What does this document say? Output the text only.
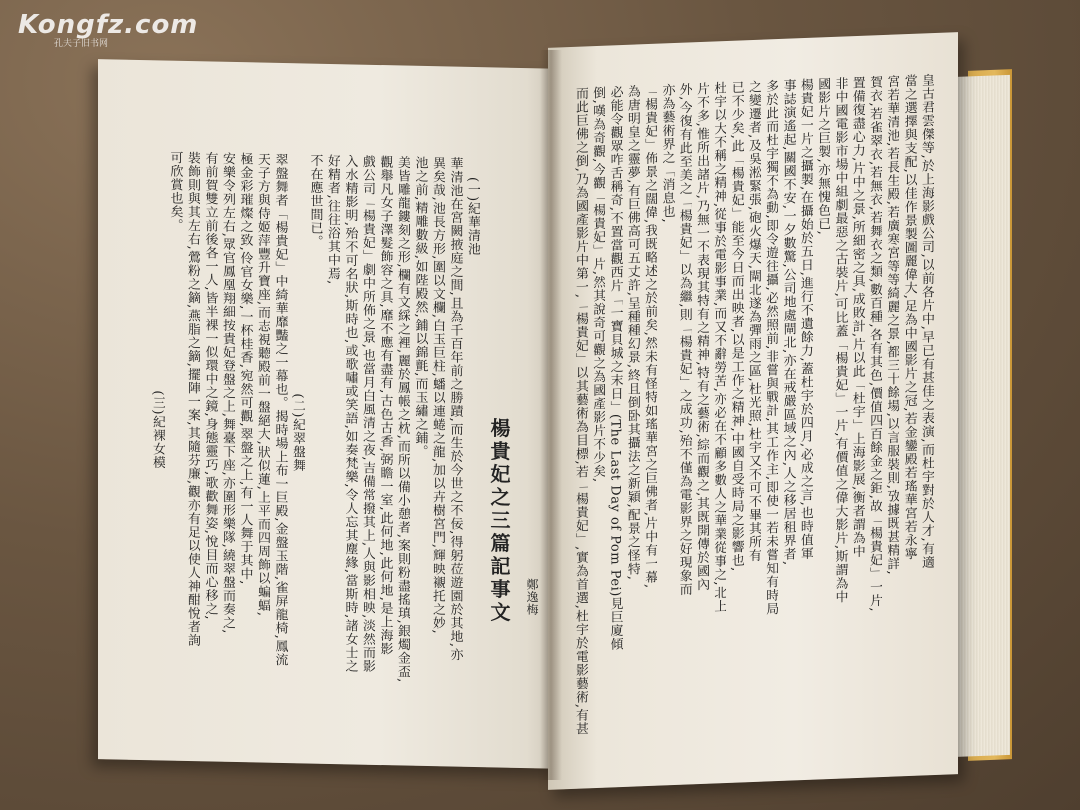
Kongfz.com
孔夫子旧书网
鄭逸梅
楊貴妃之三篇記事文
(一)紀華清池
華清池在宮闕掖庭之間,且為千百年前之勝蹟,而生於今世之不佞,得躬莅遊園於其地,亦
異矣哉,池長方形,圍以文欄,白玉巨柱,蟠以連蜷之龍,加以卉樹宮門,輝映襯托之妙,
池之前,精雕數級,如陛殿然,鋪以錦氈,而玉繡之鋪。
美皆雕龍鏤刻之形,欄有文綵之裡,麗於鳳帳之枕,而所以備小憩者,案則粉盡搖瑱,銀燭金盃,
觀舉凡女子澤髮飾容之具,靡不應有盡有,古色古香,弼瞻一室,此何地,此何地,是上海影
戲公司「楊貴妃」劇中所佈之景,也當月白風清之夜,吉備常撥其上,人與影相映,淡然而影
入水精影明,殆不可名狀,斯時也,或歌嘯或笑語,如奏梵樂,令人忘其塵緣,當斯時,諸女士之
好精者,往往浴其中焉,
不在應世間已。
(二)紀翠盤舞
翠盤舞者「楊貴妃」中綺華靡豔之一幕也。揭時場上布一巨殿,金盤玉階,雀屏龍椅,鳳流
天子方與侍姬萍豐升寶座,而志視聽殿前一盤絕大,狀似蓮,上平而四周飾以蝙蝠,
極金彩璀燦之致,伶官女樂,一杯桂香,宛然可觀,翠盤之上,有一人舞于其中,
安樂令列左右,眾官鳳凰翔細按貴妃登盤之上,舞臺下座,亦圍形樂隊,繞翠盤而奏之,
有前賀雙立前後各一人,皆半裸一似環中之鏡,身態靈巧,歌歡舞姿,悅目而心移之,
裝飾則與其左右,鶯粉之鏑,燕脂之鏑,擺陣一案,其隨芬廉,觀亦有足以使人神酣悅者詢
可欣賞也矣。
(三)紀裸女模	皇古君雲傑等,於上海影戲公司,以前各片中,早已有甚佳之表演,而杜宇對於人才,有適
當之選擇與支配,以佳作景製圖麗偉大,足為中國影片之冠,若金鑾殿若瑤華宮若永寧
宮若華清池,若長生殿,若廣寒宮等等綺麗之景,都三十餘場,以言服裝則,攷據既甚精詳,
賀衣,若雀翠衣,若無衣,若舞衣之類,數百種,各有其色,價值四百餘金之鉅,故「楊貴妃」一片,
置備復盡心力,片中之景,所細密之具,成敗計,片以此「杜宇」上海影展,衡者謂為中
非中國電影市場中組劇最惡之古裝片,可比蓋「楊貴妃」一片,有價值之偉大影片,斯謂為中
國影片之巨製,亦無愧色已,
楊貴妃一片之攝製,在攝始於五日,進行不遺餘力,蓋杜宇於四月,必成之言,也時值軍
事誌演遙起,關國不安,一夕數驚,公司地處閘北,亦在戒嚴區域之內,人之移居租界者,
多於此而杜宇獨不為動,即令遊往攝,必然照前,非嘗與戰計,其工作主,即使一若未嘗知有時局
之變遷者,及吳淞緊張,砲火爆天,閘北遂為彈雨之區,杜光照,杜宇又不可不畢其所有
已不少矣,此「楊貴妃」能至今日而出映者,以是工作之精神,中國自受時局之影響也,
杜宇以大不稱之精神,從事於電影事業,而又不辭勞苦,亦必在不顧多數人之華業從事之,北上
片不多,惟所出諸片,乃無一不表現其特有之精神,特有之藝術,綜而觀之,其既開傳於國內
外,今復有此至美之「楊貴妃」以為繼,則「楊貴妃」之成功,殆不僅為電影界之好現象而
亦為藝術界之「消息也,
「楊貴妃」佈景之闊偉,我既略述之於前矣,然未有怪特如瑤華宮之巨佛者,片中有一幕,
為唐明皇之靈夢,有巨佛高可五丈許,呈種種幻景,終且倒卧其攝法之新穎,配景之怪特,
必能令觀眾咋舌稱奇,不置當觀西片「一寶貝城之末日」(The Last Day of Pom Pei)見巨廈傾
倒,嘆為奇觀,今觀「楊貴妃」片,然其說奇可觀之為國產影片不少矣,
而此巨佛之倒,乃為國產影片中第一,「楊貴妃」以其藝術為目標,若「楊貴妃」,實為首選,杜宇於電影藝術,有甚
